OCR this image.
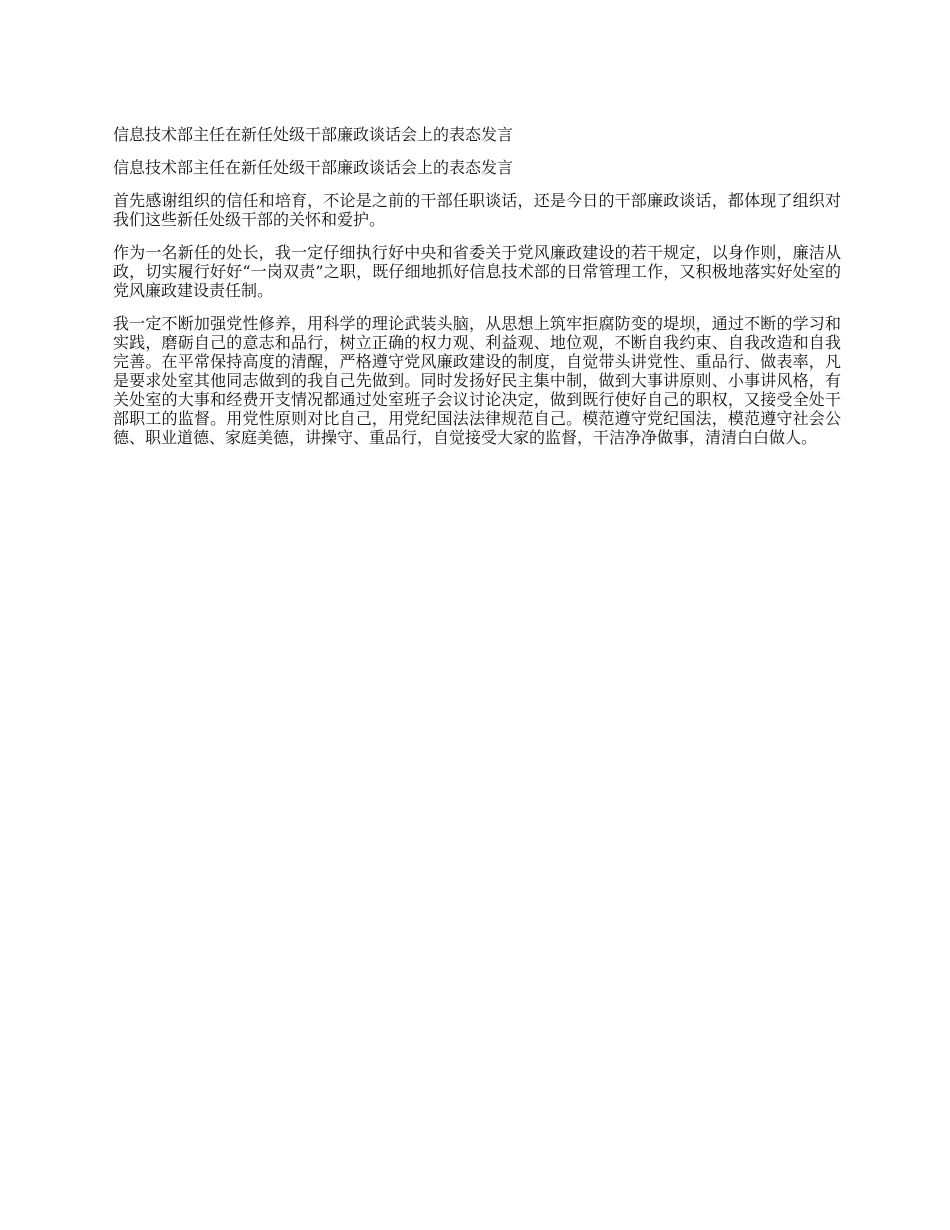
信息技术部主任在新任处级干部廉政谈话会上的表态发言

信息技术部主任在新任处级干部廉政谈话会上的表态发言

首先感谢组织的信任和培育，不论是之前的干部任职谈话，还是今日的干部廉政谈话，都体现了组织对我们这些新任处级干部的关怀和爱护。

作为一名新任的处长，我一定仔细执行好中央和省委关于党风廉政建设的若干规定，以身作则，廉洁从政，切实履行好好“一岗双责”之职，既仔细地抓好信息技术部的日常管理工作，又积极地落实好处室的党风廉政建设责任制。

我一定不断加强党性修养，用科学的理论武装头脑，从思想上筑牢拒腐防变的堤坝，通过不断的学习和实践，磨砺自己的意志和品行，树立正确的权力观、利益观、地位观，不断自我约束、自我改造和自我完善。在平常保持高度的清醒，严格遵守党风廉政建设的制度，自觉带头讲党性、重品行、做表率，凡是要求处室其他同志做到的我自己先做到。同时发扬好民主集中制，做到大事讲原则、小事讲风格，有关处室的大事和经费开支情况都通过处室班子会议讨论决定，做到既行使好自己的职权，又接受全处干部职工的监督。用党性原则对比自己，用党纪国法法律规范自己。模范遵守党纪国法，模范遵守社会公德、职业道德、家庭美德，讲操守、重品行，自觉接受大家的监督，干洁净净做事，清清白白做人。
